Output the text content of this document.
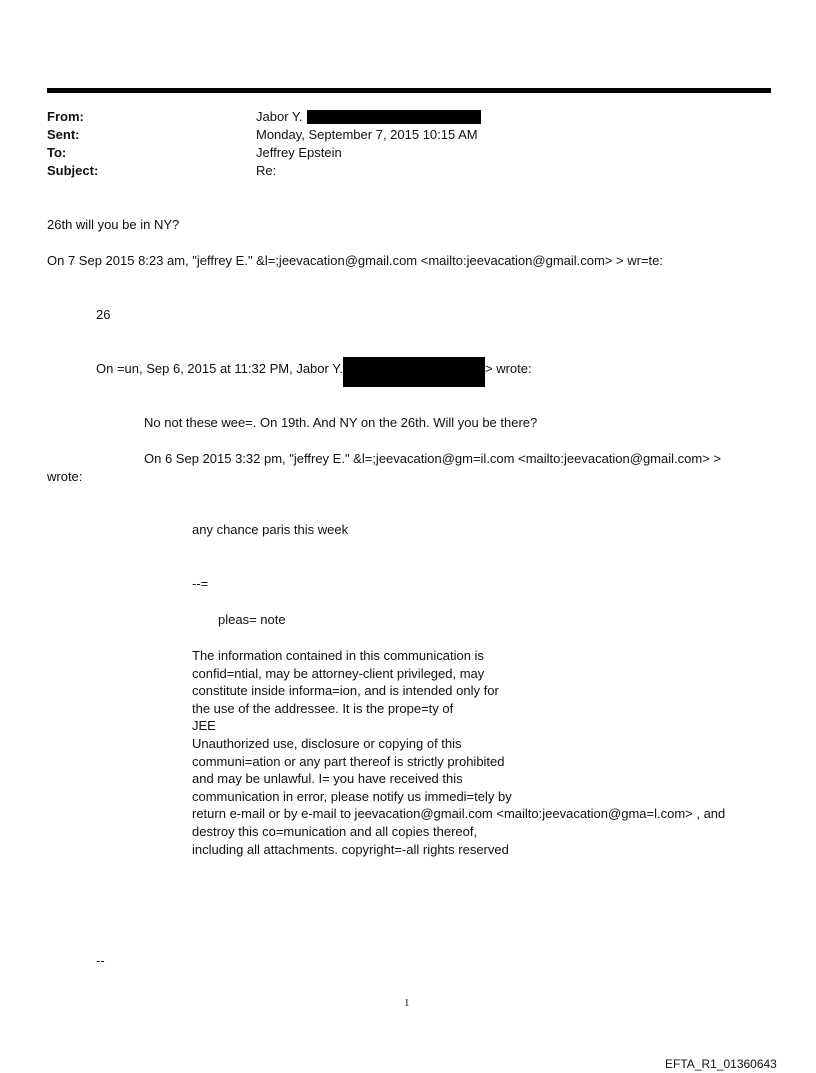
From:
Sent:
To:
Subject:
Jabor Y.
Monday, September 7, 2015 10:15 AM
Jeffrey Epstein
Re:
26th will you be in NY?
On 7 Sep 2015 8:23 am, "jeffrey E." &l=;jeevacation@gmail.com <mailto:jeevacation@gmail.com> > wr=te:
26
On =un, Sep 6, 2015 at 11:32 PM, Jabor Y.	> wrote:
No not these wee=. On 19th. And NY on the 26th. Will you be there?
On 6 Sep 2015 3:32 pm, "jeffrey E." &l=;jeevacation@gm=il.com <mailto:jeevacation@gmail.com> >
wrote:
any chance paris this week
--=
pleas= note
The information contained in this communication is
confid=ntial, may be attorney-client privileged, may
constitute inside informa=ion, and is intended only for
the use of the addressee. It is the prope=ty of
JEE
Unauthorized use, disclosure or copying of this
communi=ation or any part thereof is strictly prohibited
and may be unlawful. I= you have received this
communication in error, please notify us immedi=tely by
return e-mail or by e-mail to jeevacation@gmail.com <mailto:jeevacation@gma=l.com> , and
destroy this co=munication and all copies thereof,
including all attachments. copyright=-all rights reserved
--
1
EFTA_R1_01360643
